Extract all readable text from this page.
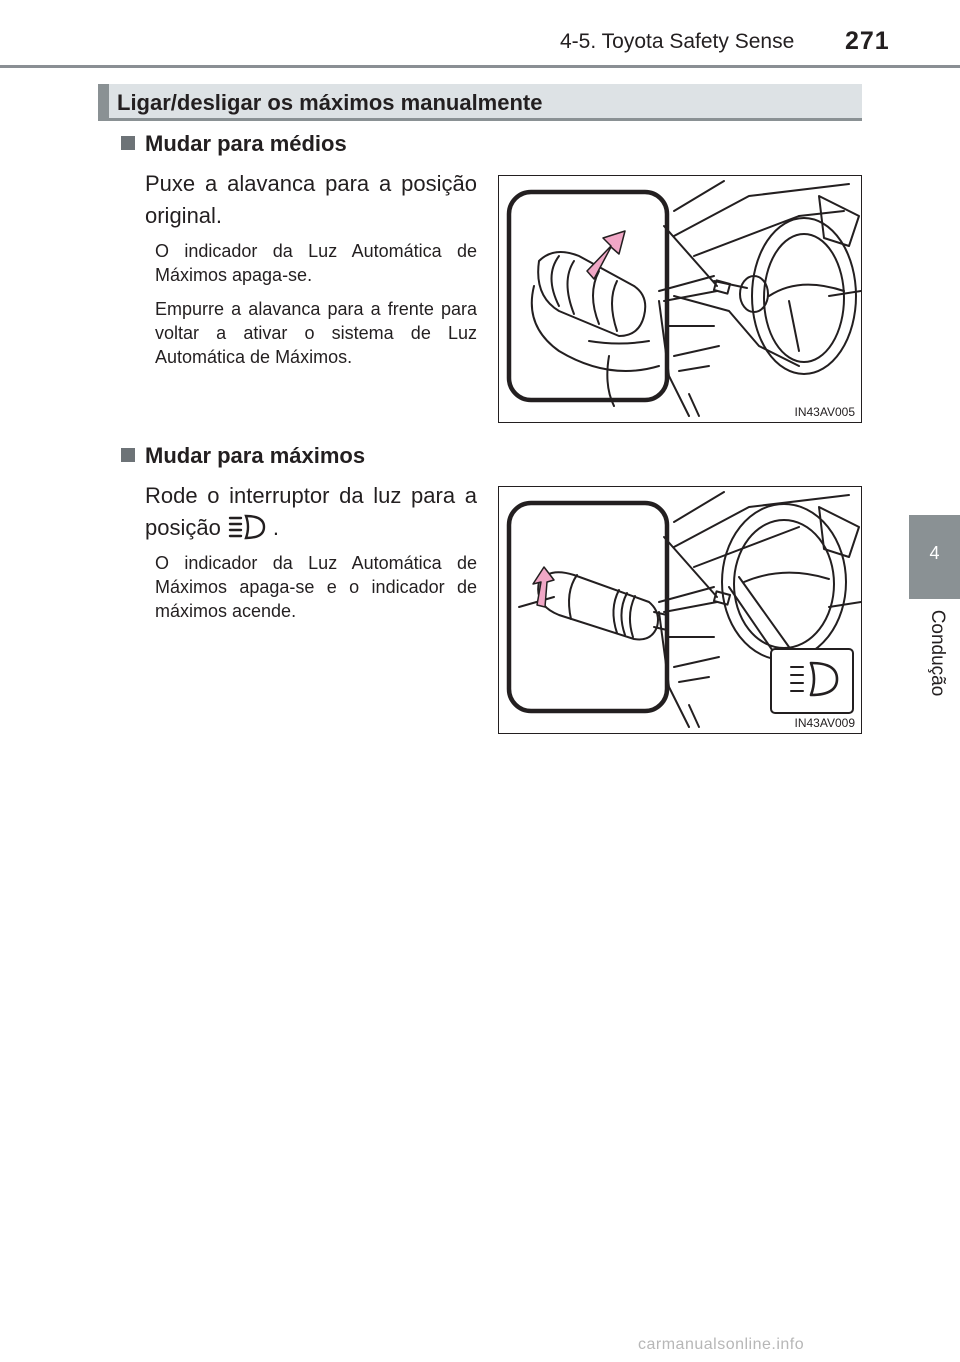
4-5. Toyota Safety Sense 271
4
Condução
Ligar/desligar os máximos manualmente
Mudar para médios
Puxe a alavanca para a posição original.
O indicador da Luz Automática de Máximos apaga-se.
Empurre a alavanca para a frente para voltar a ativar o sistema de Luz Automática de Máximos.
IN43AV005
Mudar para máximos
Rode o interruptor da luz para a posição .
O indicador da Luz Automática de Máximos apaga-se e o indicador de máximos acende.
IN43AV009
carmanualsonline.info
